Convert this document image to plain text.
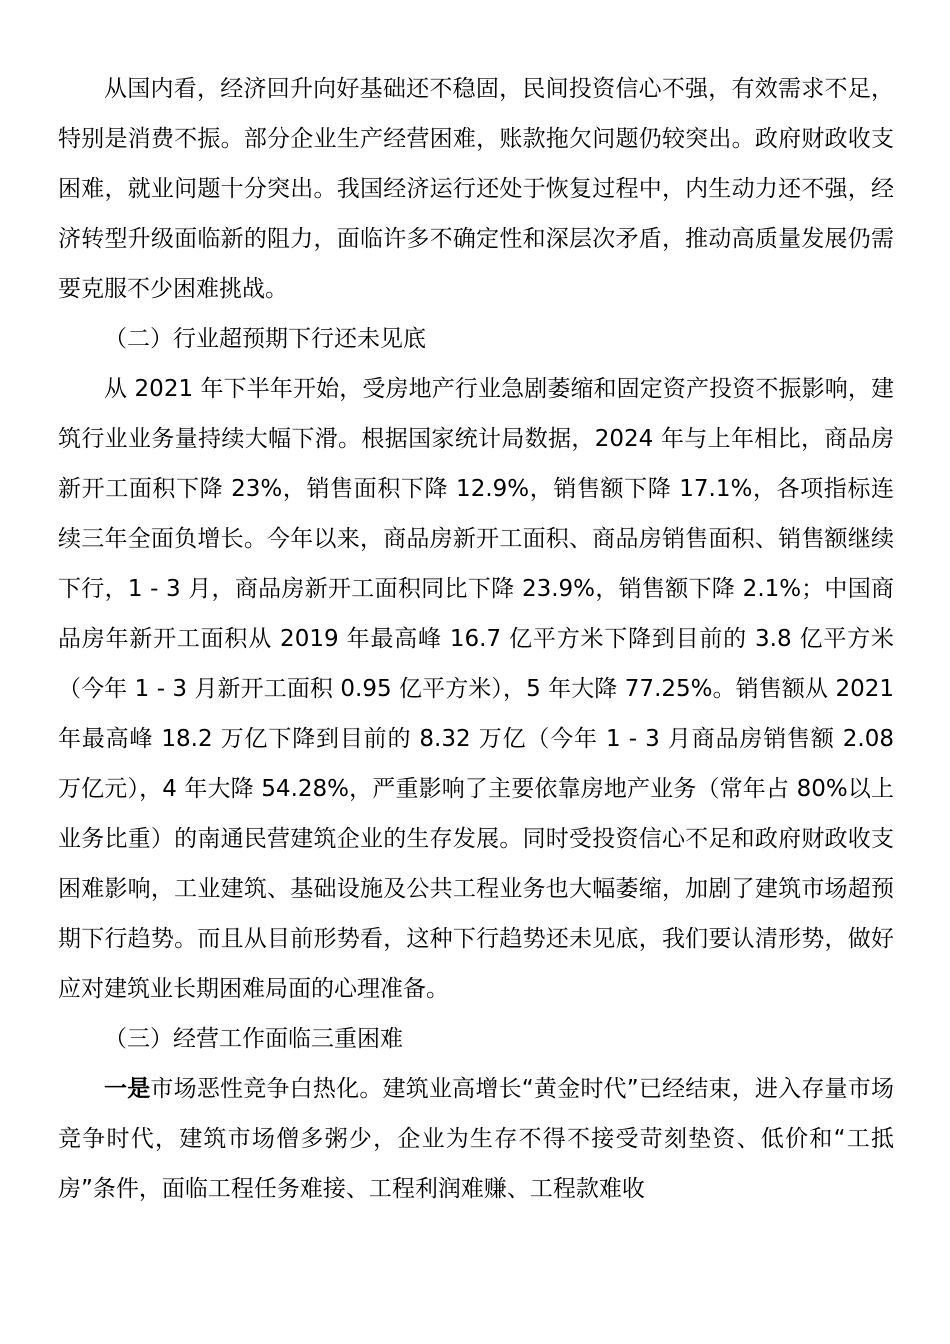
从国内看，经济回升向好基础还不稳固，民间投资信心不强，有效需求不足，特别是消费不振。部分企业生产经营困难，账款拖欠问题仍较突出。政府财政收支困难，就业问题十分突出。我国经济运行还处于恢复过程中，内生动力还不强，经济转型升级面临新的阻力，面临许多不确定性和深层次矛盾，推动高质量发展仍需要克服不少困难挑战。

（二）行业超预期下行还未见底

从 2021 年下半年开始，受房地产行业急剧萎缩和固定资产投资不振影响，建筑行业业务量持续大幅下滑。根据国家统计局数据，2024 年与上年相比，商品房新开工面积下降 23%，销售面积下降 12.9%，销售额下降 17.1%，各项指标连续三年全面负增长。今年以来，商品房新开工面积、商品房销售面积、销售额继续下行，1 - 3 月，商品房新开工面积同比下降 23.9%，销售额下降 2.1%；中国商品房年新开工面积从 2019 年最高峰 16.7 亿平方米下降到目前的 3.8 亿平方米（今年 1 - 3 月新开工面积 0.95 亿平方米），5 年大降 77.25%。销售额从 2021 年最高峰 18.2 万亿下降到目前的 8.32 万亿（今年 1 - 3 月商品房销售额 2.08 万亿元），4 年大降 54.28%，严重影响了主要依靠房地产业务（常年占 80%以上业务比重）的南通民营建筑企业的生存发展。同时受投资信心不足和政府财政收支困难影响，工业建筑、基础设施及公共工程业务也大幅萎缩，加剧了建筑市场超预期下行趋势。而且从目前形势看，这种下行趋势还未见底，我们要认清形势，做好应对建筑业长期困难局面的心理准备。

（三）经营工作面临三重困难

一是市场恶性竞争白热化。建筑业高增长“黄金时代”已经结束，进入存量市场竞争时代，建筑市场僧多粥少，企业为生存不得不接受苛刻垫资、低价和“工抵房”条件，面临工程任务难接、工程利润难赚、工程款难收
